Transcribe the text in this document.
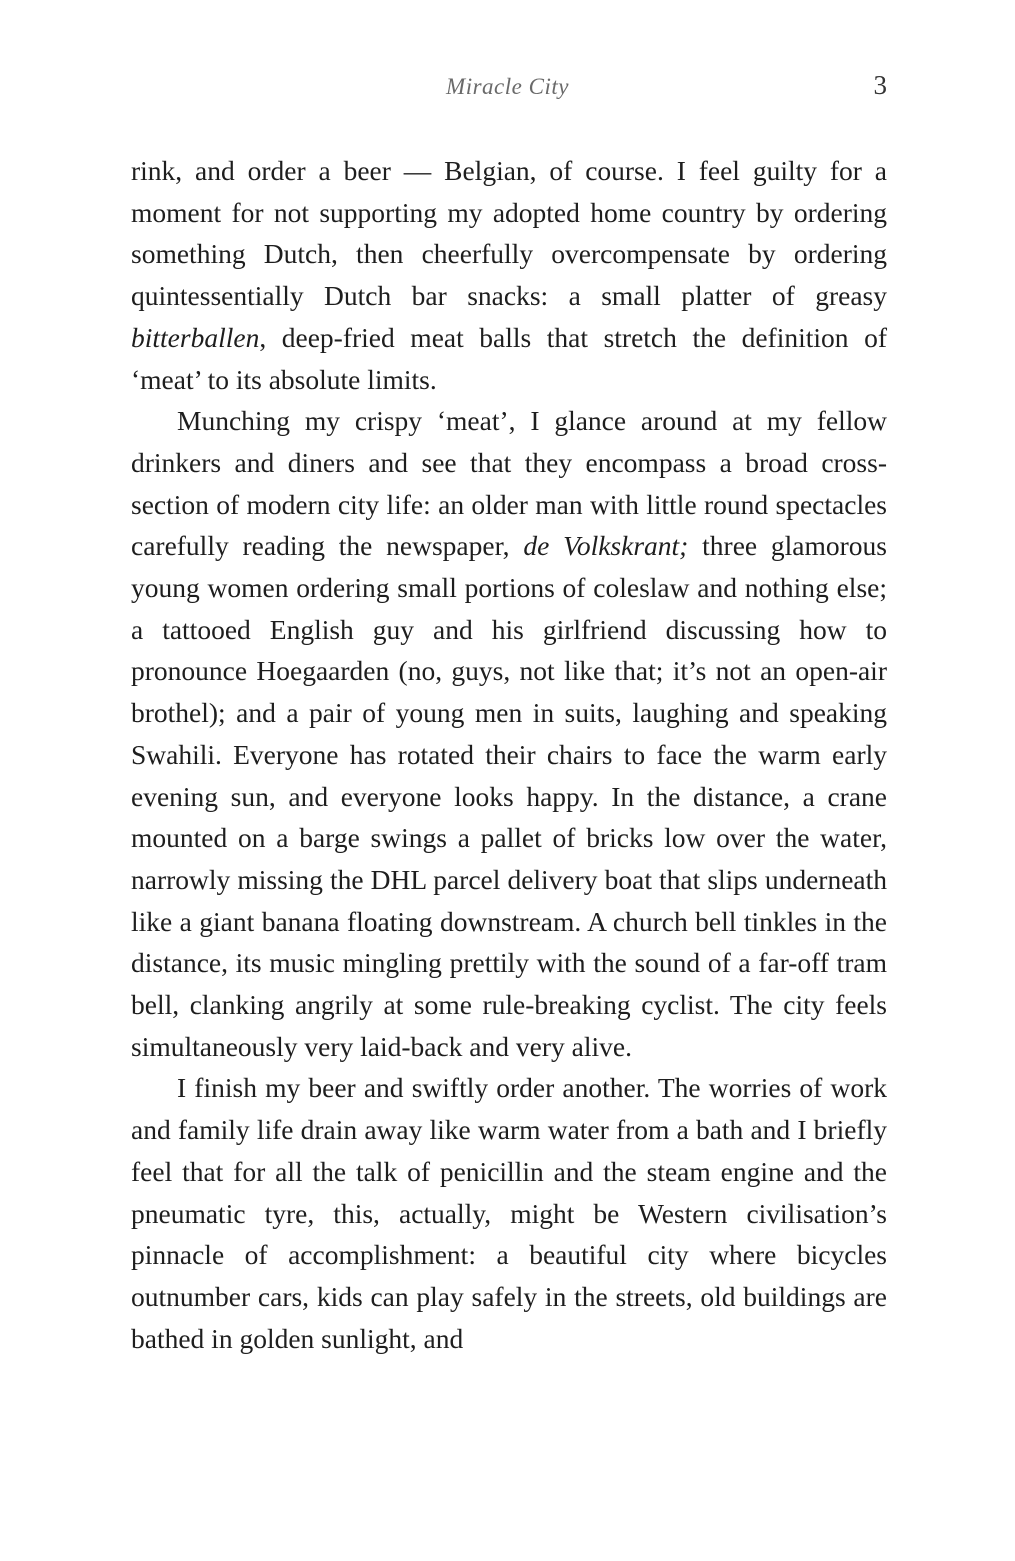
Miracle City	3

rink, and order a beer — Belgian, of course. I feel guilty for a moment for not supporting my adopted home country by ordering something Dutch, then cheerfully overcompensate by ordering quintessentially Dutch bar snacks: a small platter of greasy bitterballen, deep-fried meat balls that stretch the definition of ‘meat’ to its absolute limits.

Munching my crispy ‘meat’, I glance around at my fellow drinkers and diners and see that they encompass a broad cross-section of modern city life: an older man with little round spectacles carefully reading the newspaper, de Volkskrant; three glamorous young women ordering small portions of coleslaw and nothing else; a tattooed English guy and his girlfriend discussing how to pronounce Hoegaarden (no, guys, not like that; it’s not an open-air brothel); and a pair of young men in suits, laughing and speaking Swahili. Everyone has rotated their chairs to face the warm early evening sun, and everyone looks happy. In the distance, a crane mounted on a barge swings a pallet of bricks low over the water, narrowly missing the DHL parcel delivery boat that slips underneath like a giant banana floating downstream. A church bell tinkles in the distance, its music mingling prettily with the sound of a far-off tram bell, clanking angrily at some rule-breaking cyclist. The city feels simultaneously very laid-back and very alive.

I finish my beer and swiftly order another. The worries of work and family life drain away like warm water from a bath and I briefly feel that for all the talk of penicillin and the steam engine and the pneumatic tyre, this, actually, might be Western civilisation’s pinnacle of accomplishment: a beautiful city where bicycles outnumber cars, kids can play safely in the streets, old buildings are bathed in golden sunlight, and
